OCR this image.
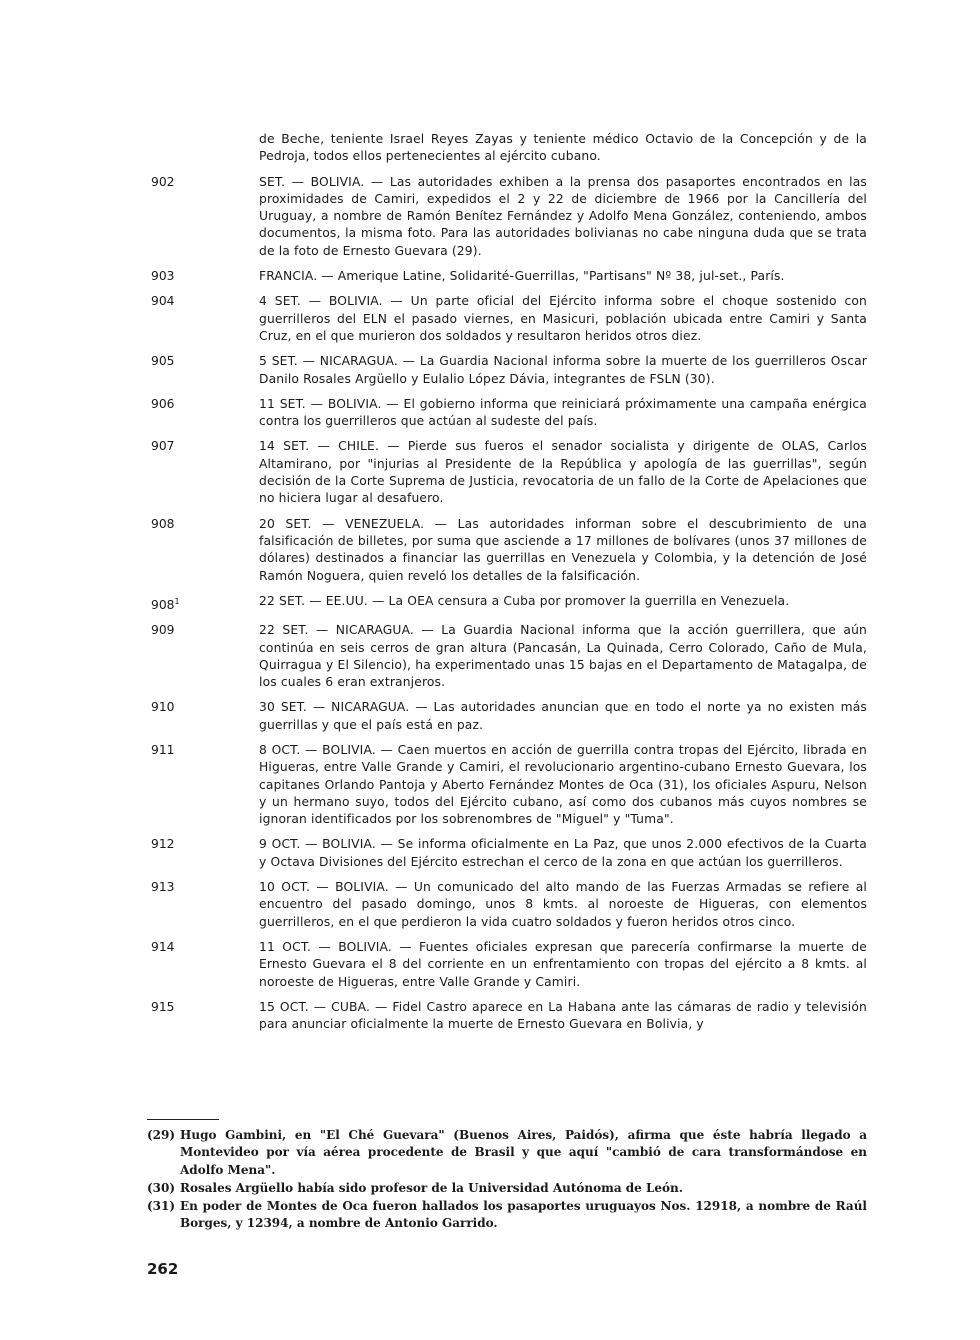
de Beche, teniente Israel Reyes Zayas y teniente médico Octavio de la Concepción y de la Pedroja, todos ellos pertenecientes al ejército cubano.
902	SET. — BOLIVIA. — Las autoridades exhiben a la prensa dos pasaportes encontrados en las proximidades de Camiri, expedidos el 2 y 22 de diciembre de 1966 por la Cancillería del Uruguay, a nombre de Ramón Benítez Fernández y Adolfo Mena González, conteniendo, ambos documentos, la misma foto. Para las autoridades bolivianas no cabe ninguna duda que se trata de la foto de Ernesto Guevara (29).
903	FRANCIA. — Amerique Latine, Solidarité-Guerrillas, "Partisans" Nº 38, jul-set., París.
904	4 SET. — BOLIVIA. — Un parte oficial del Ejército informa sobre el choque sostenido con guerrilleros del ELN el pasado viernes, en Masicuri, población ubicada entre Camiri y Santa Cruz, en el que murieron dos soldados y resultaron heridos otros diez.
905	5 SET. — NICARAGUA. — La Guardia Nacional informa sobre la muerte de los guerrilleros Oscar Danilo Rosales Argüello y Eulalio López Dávia, integrantes de FSLN (30).
906	11 SET. — BOLIVIA. — El gobierno informa que reiniciará próximamente una campaña enérgica contra los guerrilleros que actúan al sudeste del país.
907	14 SET. — CHILE. — Pierde sus fueros el senador socialista y dirigente de OLAS, Carlos Altamirano, por "injurias al Presidente de la República y apología de las guerrillas", según decisión de la Corte Suprema de Justicia, revocatoria de un fallo de la Corte de Apelaciones que no hiciera lugar al desafuero.
908	20 SET. — VENEZUELA. — Las autoridades informan sobre el descubrimiento de una falsificación de billetes, por suma que asciende a 17 millones de bolívares (unos 37 millones de dólares) destinados a financiar las guerrillas en Venezuela y Colombia, y la detención de José Ramón Noguera, quien reveló los detalles de la falsificación.
$908^1$	22 SET. — EE.UU. — La OEA censura a Cuba por promover la guerrilla en Venezuela.
909	22 SET. — NICARAGUA. — La Guardia Nacional informa que la acción guerrillera, que aún continúa en seis cerros de gran altura (Pancasán, La Quinada, Cerro Colorado, Caño de Mula, Quirragua y El Silencio), ha experimentado unas 15 bajas en el Departamento de Matagalpa, de los cuales 6 eran extranjeros.
910	30 SET. — NICARAGUA. — Las autoridades anuncian que en todo el norte ya no existen más guerrillas y que el país está en paz.
911	8 OCT. — BOLIVIA. — Caen muertos en acción de guerrilla contra tropas del Ejército, librada en Higueras, entre Valle Grande y Camiri, el revolucionario argentino-cubano Ernesto Guevara, los capitanes Orlando Pantoja y Aberto Fernández Montes de Oca (31), los oficiales Aspuru, Nelson y un hermano suyo, todos del Ejército cubano, así como dos cubanos más cuyos nombres se ignoran identificados por los sobrenombres de "Miguel" y "Tuma".
912	9 OCT. — BOLIVIA. — Se informa oficialmente en La Paz, que unos 2.000 efectivos de la Cuarta y Octava Divisiones del Ejército estrechan el cerco de la zona en que actúan los guerrilleros.
913	10 OCT. — BOLIVIA. — Un comunicado del alto mando de las Fuerzas Armadas se refiere al encuentro del pasado domingo, unos 8 kmts. al noroeste de Higueras, con elementos guerrilleros, en el que perdieron la vida cuatro soldados y fueron heridos otros cinco.
914	11 OCT. — BOLIVIA. — Fuentes oficiales expresan que parecería confirmarse la muerte de Ernesto Guevara el 8 del corriente en un enfrentamiento con tropas del ejército a 8 kmts. al noroeste de Higueras, entre Valle Grande y Camiri.
915	15 OCT. — CUBA. — Fidel Castro aparece en La Habana ante las cámaras de radio y televisión para anunciar oficialmente la muerte de Ernesto Guevara en Bolivia, y
(29) Hugo Gambini, en "El Ché Guevara" (Buenos Aires, Paidós), afirma que éste habría llegado a Montevideo por vía aérea procedente de Brasil y que aquí "cambió de cara transformándose en Adolfo Mena".
(30) Rosales Argüello había sido profesor de la Universidad Autónoma de León.
(31) En poder de Montes de Oca fueron hallados los pasaportes uruguayos Nos. 12918, a nombre de Raúl Borges, y 12394, a nombre de Antonio Garrido.
262
